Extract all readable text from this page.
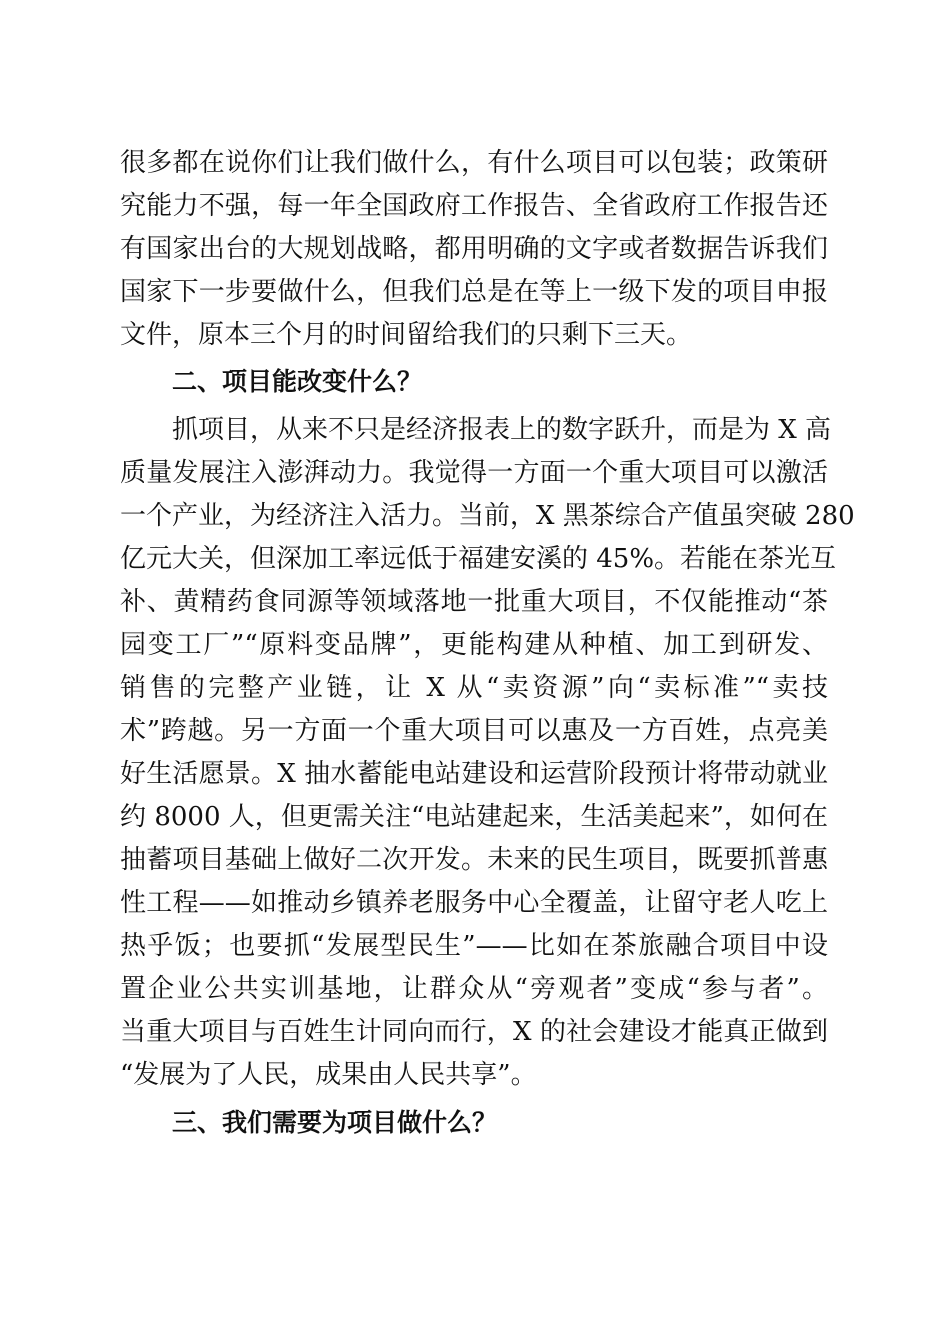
很多都在说你们让我们做什么，有什么项目可以包装；政策研
究能力不强，每一年全国政府工作报告、全省政府工作报告还
有国家出台的大规划战略，都用明确的文字或者数据告诉我们
国家下一步要做什么，但我们总是在等上一级下发的项目申报
文件，原本三个月的时间留给我们的只剩下三天。
二、项目能改变什么？
抓项目，从来不只是经济报表上的数字跃升，而是为 X 高
质量发展注入澎湃动力。我觉得一方面一个重大项目可以激活
一个产业，为经济注入活力。当前，X 黑茶综合产值虽突破 280
亿元大关，但深加工率远低于福建安溪的 45%。若能在茶光互
补、黄精药食同源等领域落地一批重大项目，不仅能推动“茶
园变工厂”“原料变品牌”，更能构建从种植、加工到研发、
销售的完整产业链，让 X 从“卖资源”向“卖标准”“卖技
术”跨越。另一方面一个重大项目可以惠及一方百姓，点亮美
好生活愿景。X 抽水蓄能电站建设和运营阶段预计将带动就业
约 8000 人，但更需关注“电站建起来，生活美起来”，如何在
抽蓄项目基础上做好二次开发。未来的民生项目，既要抓普惠
性工程——如推动乡镇养老服务中心全覆盖，让留守老人吃上
热乎饭；也要抓“发展型民生”——比如在茶旅融合项目中设
置企业公共实训基地，让群众从“旁观者”变成“参与者”。
当重大项目与百姓生计同向而行，X 的社会建设才能真正做到
“发展为了人民，成果由人民共享”。
三、我们需要为项目做什么？
